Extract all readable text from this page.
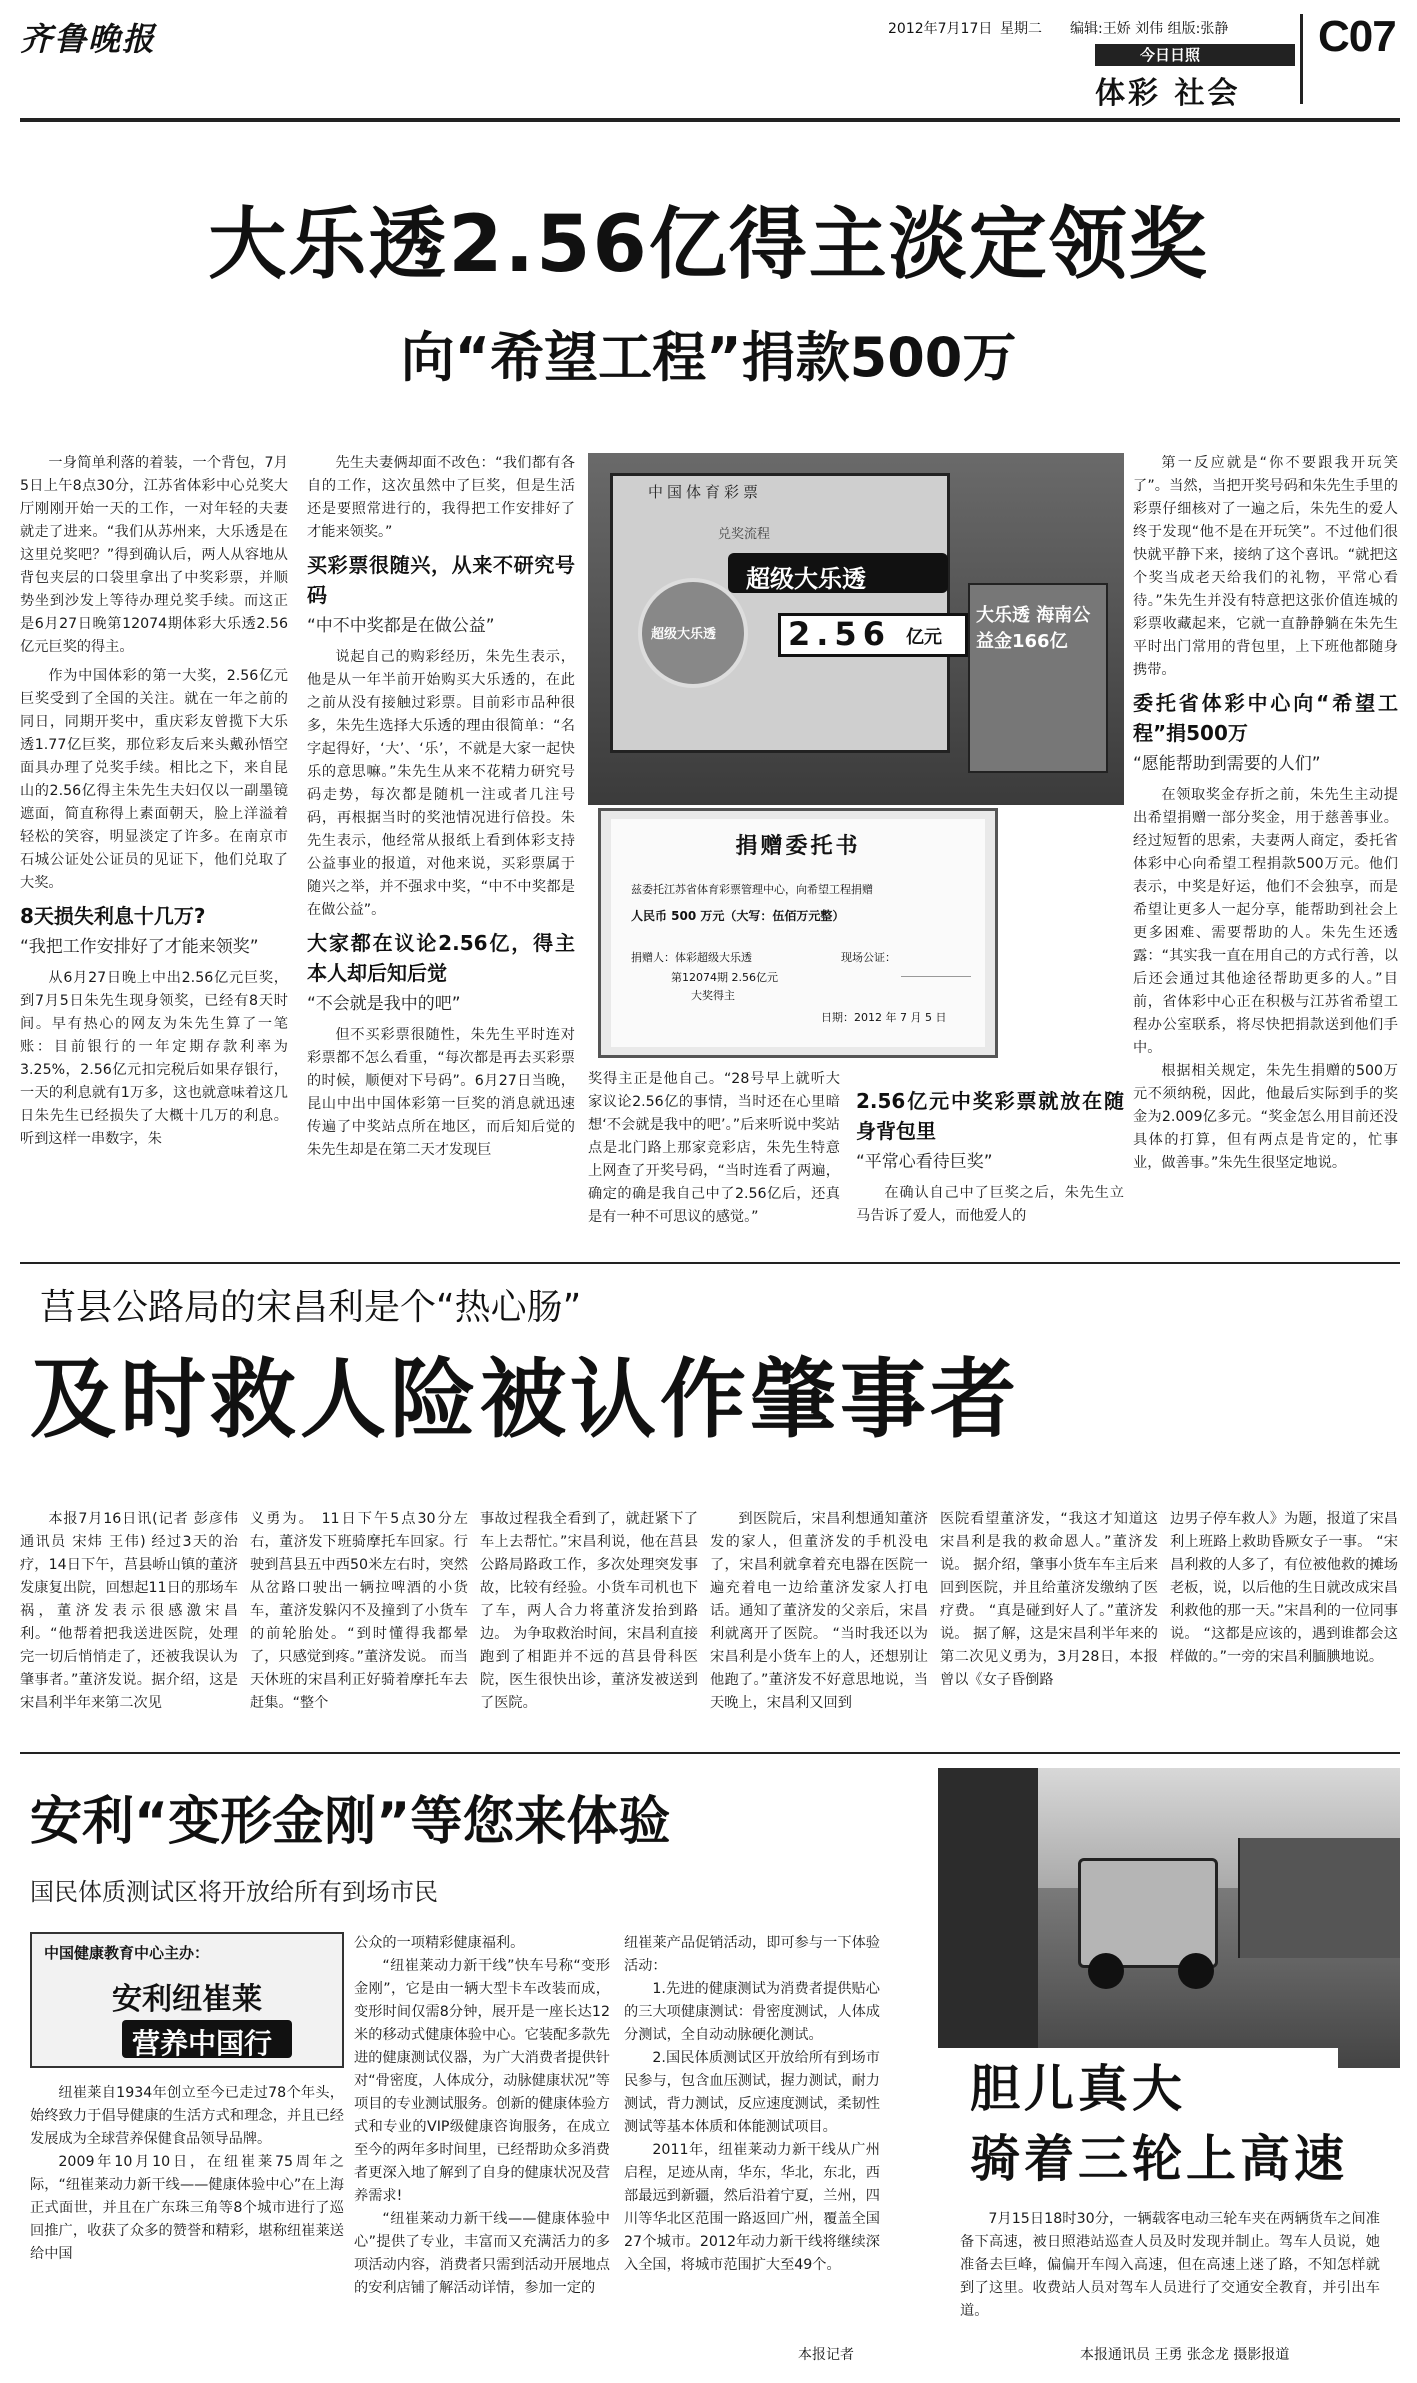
齐鲁晚报	2012年7月17日 星期二 编辑:王娇 刘伟 组版:张静
今日日照
体彩 社会
C07
大乐透2.56亿得主淡定领奖
向“希望工程”捐款500万

一身简单利落的着装，一个背包，7月5日上午8点30分，江苏省体彩中心兑奖大厅刚刚开始一天的工作，一对年轻的夫妻就走了进来。“我们从苏州来，大乐透是在这里兑奖吧？”得到确认后，两人从容地从背包夹层的口袋里拿出了中奖彩票，并顺势坐到沙发上等待办理兑奖手续。而这正是6月27日晚第12074期体彩大乐透2.56亿元巨奖的得主。

作为中国体彩的第一大奖，2.56亿元巨奖受到了全国的关注。就在一年之前的同日，同期开奖中，重庆彩友曾揽下大乐透1.77亿巨奖，那位彩友后来头戴孙悟空面具办理了兑奖手续。相比之下，来自昆山的2.56亿得主朱先生夫妇仅以一副墨镜遮面，简直称得上素面朝天，脸上洋溢着轻松的笑容，明显淡定了许多。在南京市石城公证处公证员的见证下，他们兑取了大奖。

8天损失利息十几万?
“我把工作安排好了才能来领奖”

从6月27日晚上中出2.56亿元巨奖，到7月5日朱先生现身领奖，已经有8天时间。早有热心的网友为朱先生算了一笔账：目前银行的一年定期存款利率为3.25%，2.56亿元扣完税后如果存银行，一天的利息就有1万多，这也就意味着这几日朱先生已经损失了大概十几万的利息。听到这样一串数字，朱

先生夫妻俩却面不改色：“我们都有各自的工作，这次虽然中了巨奖，但是生活还是要照常进行的，我得把工作安排好了才能来领奖。”

买彩票很随兴，从来不研究号码
“中不中奖都是在做公益”

说起自己的购彩经历，朱先生表示，他是从一年半前开始购买大乐透的，在此之前从没有接触过彩票。目前彩市品种很多，朱先生选择大乐透的理由很简单：“名字起得好，‘大’、‘乐’，不就是大家一起快乐的意思嘛。”朱先生从来不花精力研究号码走势，每次都是随机一注或者几注号码，再根据当时的奖池情况进行倍投。朱先生表示，他经常从报纸上看到体彩支持公益事业的报道，对他来说，买彩票属于随兴之举，并不强求中奖，“中不中奖都是在做公益”。

大家都在议论2.56亿，得主本人却后知后觉
“不会就是我中的吧”

但不买彩票很随性，朱先生平时连对彩票都不怎么看重，“每次都是再去买彩票的时候，顺便对下号码”。6月27日当晚，昆山中出中国体彩第一巨奖的消息就迅速传遍了中奖站点所在地区，而后知后觉的朱先生却是在第二天才发现巨

中国体育彩票
兑奖流程
超级大乐透
超级大乐透 2.56 亿元
大乐透 海南公益金166亿
捐赠委托书
兹委托江苏省体育彩票管理中心，向希望工程捐赠
人民币 500 万元（大写：伍佰万元整）
捐赠人：体彩超级大乐透
第12074期 2.56亿元
大奖得主
现场公证：
日期：2012 年 7 月 5 日

奖得主正是他自己。“28号早上就听大家议论2.56亿的事情，当时还在心里暗想‘不会就是我中的吧’。”后来听说中奖站点是北门路上那家竞彩店，朱先生特意上网查了开奖号码，“当时连看了两遍，确定的确是我自己中了2.56亿后，还真是有一种不可思议的感觉。”

2.56亿元中奖彩票就放在随身背包里
“平常心看待巨奖”

在确认自己中了巨奖之后，朱先生立马告诉了爱人，而他爱人的

第一反应就是“你不要跟我开玩笑了”。当然，当把开奖号码和朱先生手里的彩票仔细核对了一遍之后，朱先生的爱人终于发现“他不是在开玩笑”。不过他们很快就平静下来，接纳了这个喜讯。“就把这个奖当成老天给我们的礼物，平常心看待。”朱先生并没有特意把这张价值连城的彩票收藏起来，它就一直静静躺在朱先生平时出门常用的背包里，上下班他都随身携带。

委托省体彩中心向“希望工程”捐500万
“愿能帮助到需要的人们”

在领取奖金存折之前，朱先生主动提出希望捐赠一部分奖金，用于慈善事业。经过短暂的思索，夫妻两人商定，委托省体彩中心向希望工程捐款500万元。他们表示，中奖是好运，他们不会独享，而是希望让更多人一起分享，能帮助到社会上更多困难、需要帮助的人。朱先生还透露：“其实我一直在用自己的方式行善，以后还会通过其他途径帮助更多的人。”目前，省体彩中心正在积极与江苏省希望工程办公室联系，将尽快把捐款送到他们手中。

根据相关规定，朱先生捐赠的500万元不须纳税，因此，他最后实际到手的奖金为2.009亿多元。“奖金怎么用目前还没具体的打算，但有两点是肯定的，忙事业，做善事。”朱先生很坚定地说。

莒县公路局的宋昌利是个“热心肠”
及时救人险被认作肇事者

本报7月16日讯(记者 彭彦伟 通讯员 宋炜 王伟) 经过3天的治疗，14日下午，莒县峤山镇的董济发康复出院，回想起11日的那场车祸，董济发表示很感激宋昌利。“他帮着把我送进医院，处理完一切后悄悄走了，还被我误认为肇事者。”董济发说。据介绍，这是宋昌利半年来第二次见

义勇为。 11日下午5点30分左右，董济发下班骑摩托车回家。行驶到莒县五中西50米左右时，突然从岔路口驶出一辆拉啤酒的小货车，董济发躲闪不及撞到了小货车的前轮胎处。“到时懂得我都晕了，只感觉到疼。”董济发说。 而当天休班的宋昌利正好骑着摩托车去赶集。“整个

事故过程我全看到了，就赶紧下了车上去帮忙。”宋昌利说，他在莒县公路局路政工作，多次处理突发事故，比较有经验。小货车司机也下了车，两人合力将董济发抬到路边。 为争取救治时间，宋昌利直接跑到了相距并不远的莒县骨科医院，医生很快出诊，董济发被送到了医院。

到医院后，宋昌利想通知董济发的家人，但董济发的手机没电了，宋昌利就拿着充电器在医院一遍充着电一边给董济发家人打电话。通知了董济发的父亲后，宋昌利就离开了医院。 “当时我还以为宋昌利是小货车上的人，还想别让他跑了。”董济发不好意思地说，当天晚上，宋昌利又回到

医院看望董济发，“我这才知道这宋昌利是我的救命恩人。”董济发说。 据介绍，肇事小货车车主后来回到医院，并且给董济发缴纳了医疗费。 “真是碰到好人了。”董济发说。 据了解，这是宋昌利半年来的第二次见义勇为，3月28日，本报曾以《女子昏倒路

边男子停车救人》为题，报道了宋昌利上班路上救助昏厥女子一事。 “宋昌利救的人多了，有位被他救的摊场老板，说，以后他的生日就改成宋昌利救他的那一天。”宋昌利的一位同事说。 “这都是应该的，遇到谁都会这样做的。”一旁的宋昌利腼腆地说。

安利“变形金刚”等您来体验
国民体质测试区将开放给所有到场市民
中国健康教育中心主办：
安利纽崔莱
营养中国行

纽崔莱自1934年创立至今已走过78个年头，始终致力于倡导健康的生活方式和理念，并且已经发展成为全球营养保健食品领导品牌。

2009年10月10日，在纽崔莱75周年之际，“纽崔莱动力新干线——健康体验中心”在上海正式面世，并且在广东珠三角等8个城市进行了巡回推广，收获了众多的赞誉和精彩，堪称纽崔莱送给中国

公众的一项精彩健康福利。

“纽崔莱动力新干线”快车号称“变形金刚”，它是由一辆大型卡车改装而成，变形时间仅需8分钟，展开是一座长达12米的移动式健康体验中心。它装配多款先进的健康测试仪器，为广大消费者提供针对“骨密度，人体成分，动脉健康状况”等项目的专业测试服务。创新的健康体验方式和专业的VIP级健康咨询服务，在成立至今的两年多时间里，已经帮助众多消费者更深入地了解到了自身的健康状况及营养需求!

“纽崔莱动力新干线——健康体验中心”提供了专业，丰富而又充满活力的多项活动内容，消费者只需到活动开展地点的安利店铺了解活动详情，参加一定的

纽崔莱产品促销活动，即可参与一下体验活动：

1.先进的健康测试为消费者提供贴心的三大项健康测试：骨密度测试，人体成分测试，全自动动脉硬化测试。

2.国民体质测试区开放给所有到场市民参与，包含血压测试，握力测试，耐力测试，背力测试，反应速度测试，柔韧性测试等基本体质和体能测试项目。

2011年，纽崔莱动力新干线从广州启程，足迹从南，华东，华北，东北，西部最远到新疆，然后沿着宁夏，兰州，四川等华北区范围一路返回广州，覆盖全国27个城市。2012年动力新干线将继续深入全国，将城市范围扩大至49个。

本报记者
胆儿真大
骑着三轮上高速

7月15日18时30分，一辆载客电动三轮车夹在两辆货车之间准备下高速，被日照港站巡查人员及时发现并制止。驾车人员说，她准备去巨峰，偏偏开车闯入高速，但在高速上迷了路，不知怎样就到了这里。收费站人员对驾车人员进行了交通安全教育，并引出车道。

本报通讯员 王勇 张念龙 摄影报道
